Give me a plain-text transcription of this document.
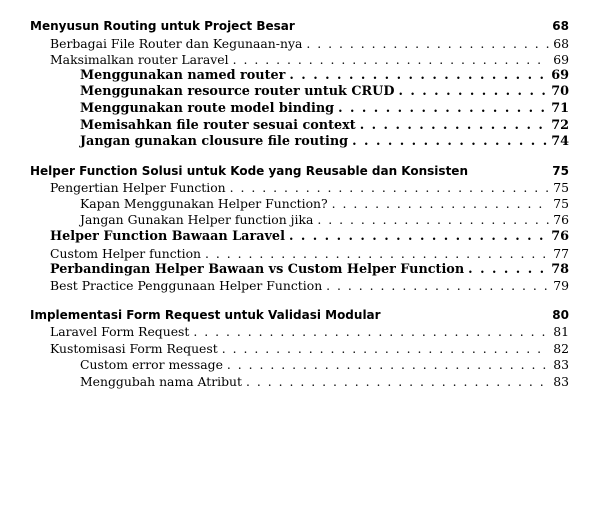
Menyusun Routing untuk Project Besar	68
Berbagai File Router dan Kegunaan-nya . . .	68
Maksimalkan router Laravel . . .	69
Menggunakan named router . . .	69
Menggunakan resource router untuk CRUD . . .	70
Menggunakan route model binding . . .	71
Memisahkan file router sesuai context . . .	72
Jangan gunakan clousure file routing . . .	74
Helper Function Solusi untuk Kode yang Reusable dan Konsisten	75
Pengertian Helper Function . . .	75
Kapan Menggunakan Helper Function? . . .	75
Jangan Gunakan Helper function jika . . .	76
Helper Function Bawaan Laravel . . .	76
Custom Helper function . . .	77
Perbandingan Helper Bawaan vs Custom Helper Function . . .	78
Best Practice Penggunaan Helper Function . . .	79
Implementasi Form Request untuk Validasi Modular	80
Laravel Form Request . . .	81
Kustomisasi Form Request . . .	82
Custom error message . . .	83
Menggubah nama Atribut . . .	83
